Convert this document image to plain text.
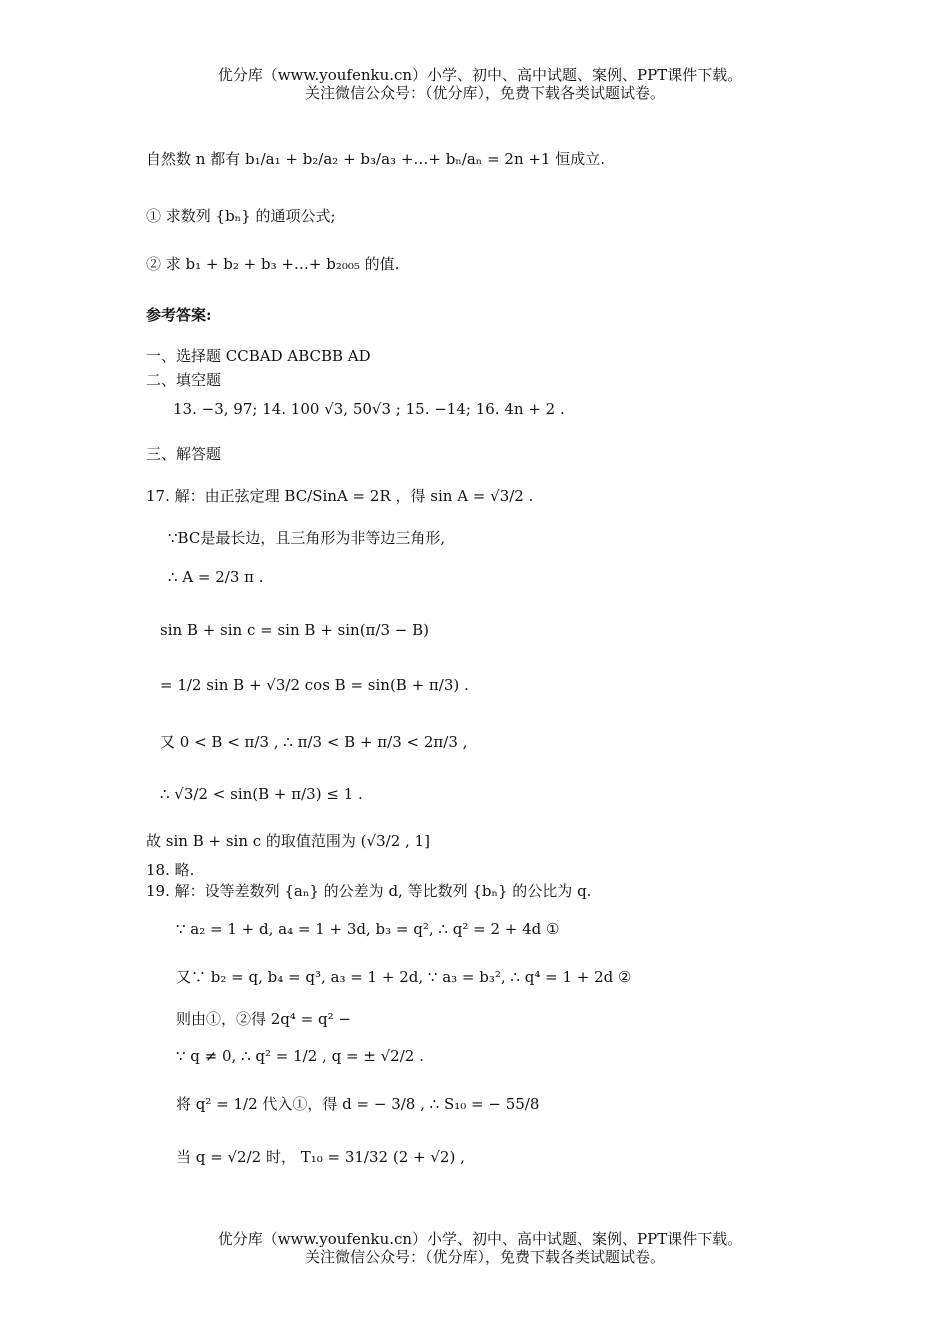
优分库（www.youfenku.cn）小学、初中、高中试题、案例、PPT课件下载。
关注微信公众号：（优分库），免费下载各类试题试卷。
自然数 n 都有 b₁/a₁ + b₂/a₂ + b₃/a₃ +…+ bₙ/aₙ = 2n +1 恒成立.
① 求数列 {bₙ} 的通项公式;
② 求 b₁ + b₂ + b₃ +…+ b₂₀₀₅ 的值.
参考答案:
一、选择题 CCBAD ABCBB AD
二、填空题
13. −3, 97; 14. 100 √3, 50√3 ; 15. −14; 16. 4n + 2 .
三、解答题
17. 解：由正弦定理 BC/SinA = 2R ，得 sin A = √3/2 .
∵BC是最长边，且三角形为非等边三角形,
∴ A = 2/3 π .
sin B + sin c = sin B + sin(π/3 − B)
= 1/2 sin B + √3/2 cos B = sin(B + π/3) .
又 0 < B < π/3 , ∴ π/3 < B + π/3 < 2π/3 ,
∴ √3/2 < sin(B + π/3) ≤ 1 .
故 sin B + sin c 的取值范围为 (√3/2 , 1]
18. 略.
19. 解：设等差数列 {aₙ} 的公差为 d, 等比数列 {bₙ} 的公比为 q.
∵ a₂ = 1 + d, a₄ = 1 + 3d, b₃ = q², ∴ q² = 2 + 4d ①
又∵ b₂ = q, b₄ = q³, a₃ = 1 + 2d, ∵ a₃ = b₃², ∴ q⁴ = 1 + 2d ②
则由①，②得 2q⁴ = q² −
∵ q ≠ 0, ∴ q² = 1/2 , q = ± √2/2 .
将 q² = 1/2 代入①，得 d = − 3/8 , ∴ S₁₀ = − 55/8
当 q = √2/2 时， T₁₀ = 31/32 (2 + √2) ,
优分库（www.youfenku.cn）小学、初中、高中试题、案例、PPT课件下载。
关注微信公众号：（优分库），免费下载各类试题试卷。
